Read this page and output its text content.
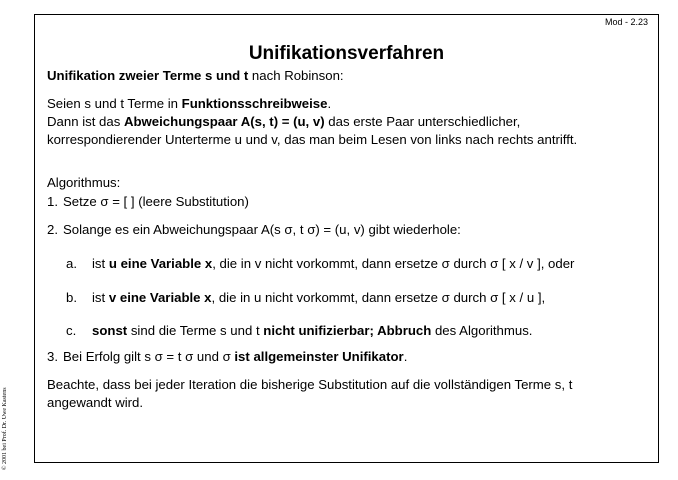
Mod - 2.23
Unifikationsverfahren
Unifikation zweier Terme s und t nach Robinson:
Seien s und t Terme in Funktionsschreibweise.
Dann ist das Abweichungspaar A(s, t) = (u, v) das erste Paar unterschiedlicher,
korrespondierender Unterterme u und v, das man beim Lesen von links nach rechts antrifft.
Algorithmus:
1. Setze σ = [ ] (leere Substitution)
2. Solange es ein Abweichungspaar A(s σ, t σ) = (u, v) gibt wiederhole:
a. ist u eine Variable x, die in v nicht vorkommt, dann ersetze σ durch σ [ x / v ], oder
b. ist v eine Variable x, die in u nicht vorkommt, dann ersetze σ durch σ [ x / u ],
c. sonst sind die Terme s und t nicht unifizierbar; Abbruch des Algorithmus.
3. Bei Erfolg gilt s σ = t σ und σ ist allgemeinster Unifikator.
Beachte, dass bei jeder Iteration die bisherige Substitution auf die vollständigen Terme s, t
angewandt wird.
© 2001 bei Prof. Dr. Uwe Kastens
